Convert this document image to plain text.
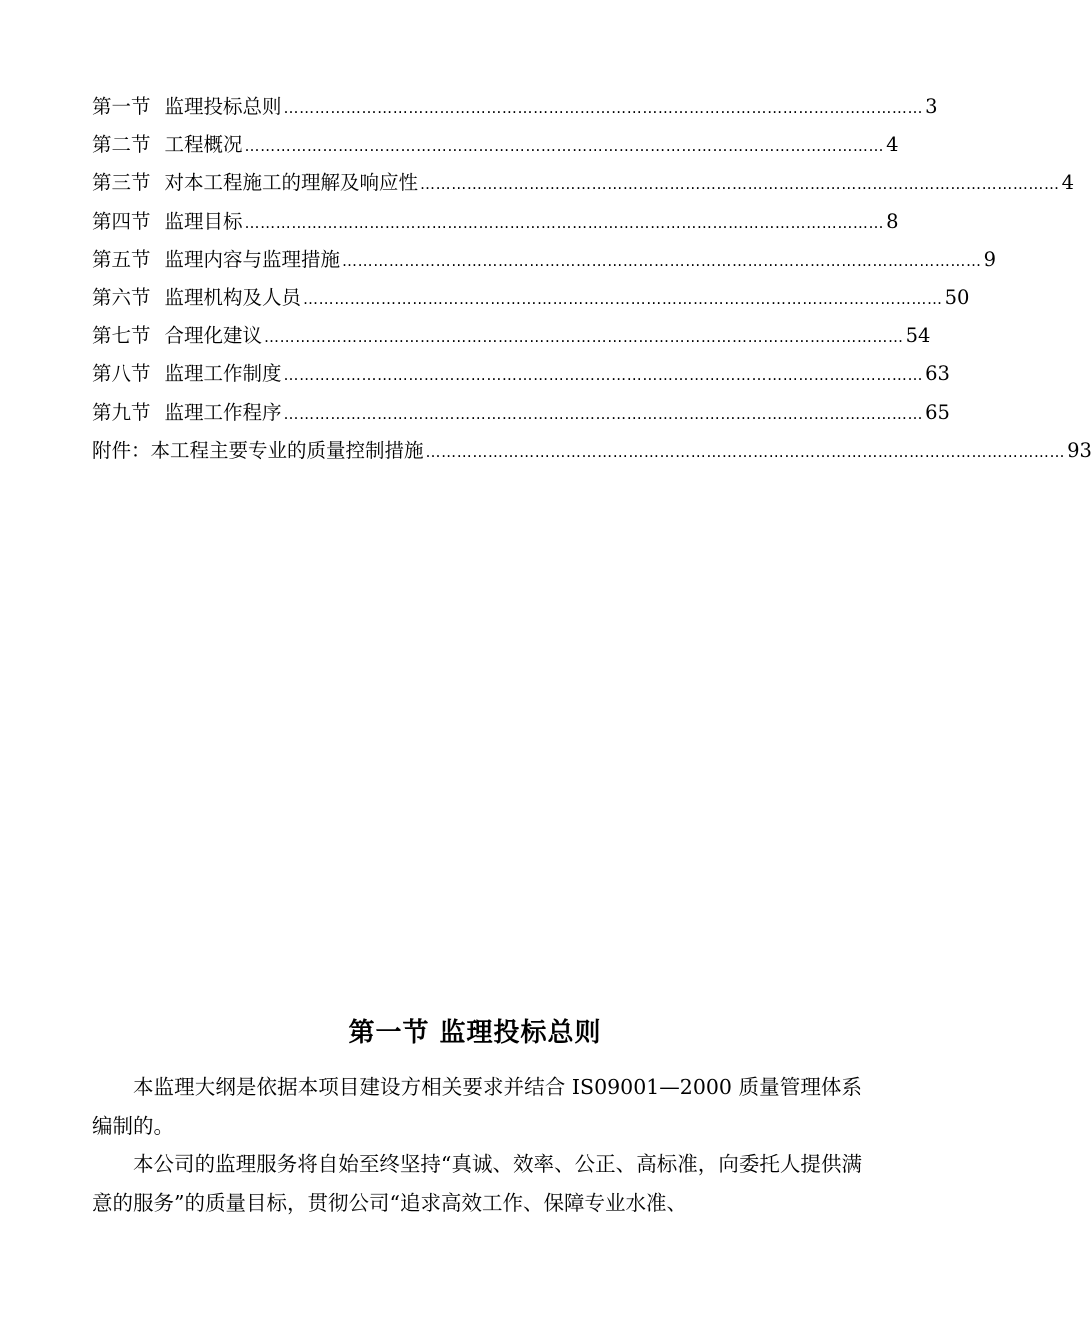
第一节 监理投标总则 …………………………………………………………………………………………………………… 3
第二节 工程概况 …………………………………………………………………………………………………………… 4
第三节 对本工程施工的理解及响应性 …………………………………………………………………………………………………………… 4
第四节 监理目标 …………………………………………………………………………………………………………… 8
第五节 监理内容与监理措施 …………………………………………………………………………………………………………… 9
第六节 监理机构及人员 …………………………………………………………………………………………………………… 50
第七节 合理化建议 …………………………………………………………………………………………………………… 54
第八节 监理工作制度 …………………………………………………………………………………………………………… 63
第九节 监理工作程序 …………………………………………………………………………………………………………… 65
附件： 本工程主要专业的质量控制措施 …………………………………………………………………………………………………………… 93
第一节 监理投标总则

本监理大纲是依据本项目建设方相关要求并结合 IS09001—2000 质量管理体系编制的。

本公司的监理服务将自始至终坚持“真诚、效率、公正、高标准，向委托人提供满意的服务”的质量目标，贯彻公司“追求高效工作、保障专业水准、
